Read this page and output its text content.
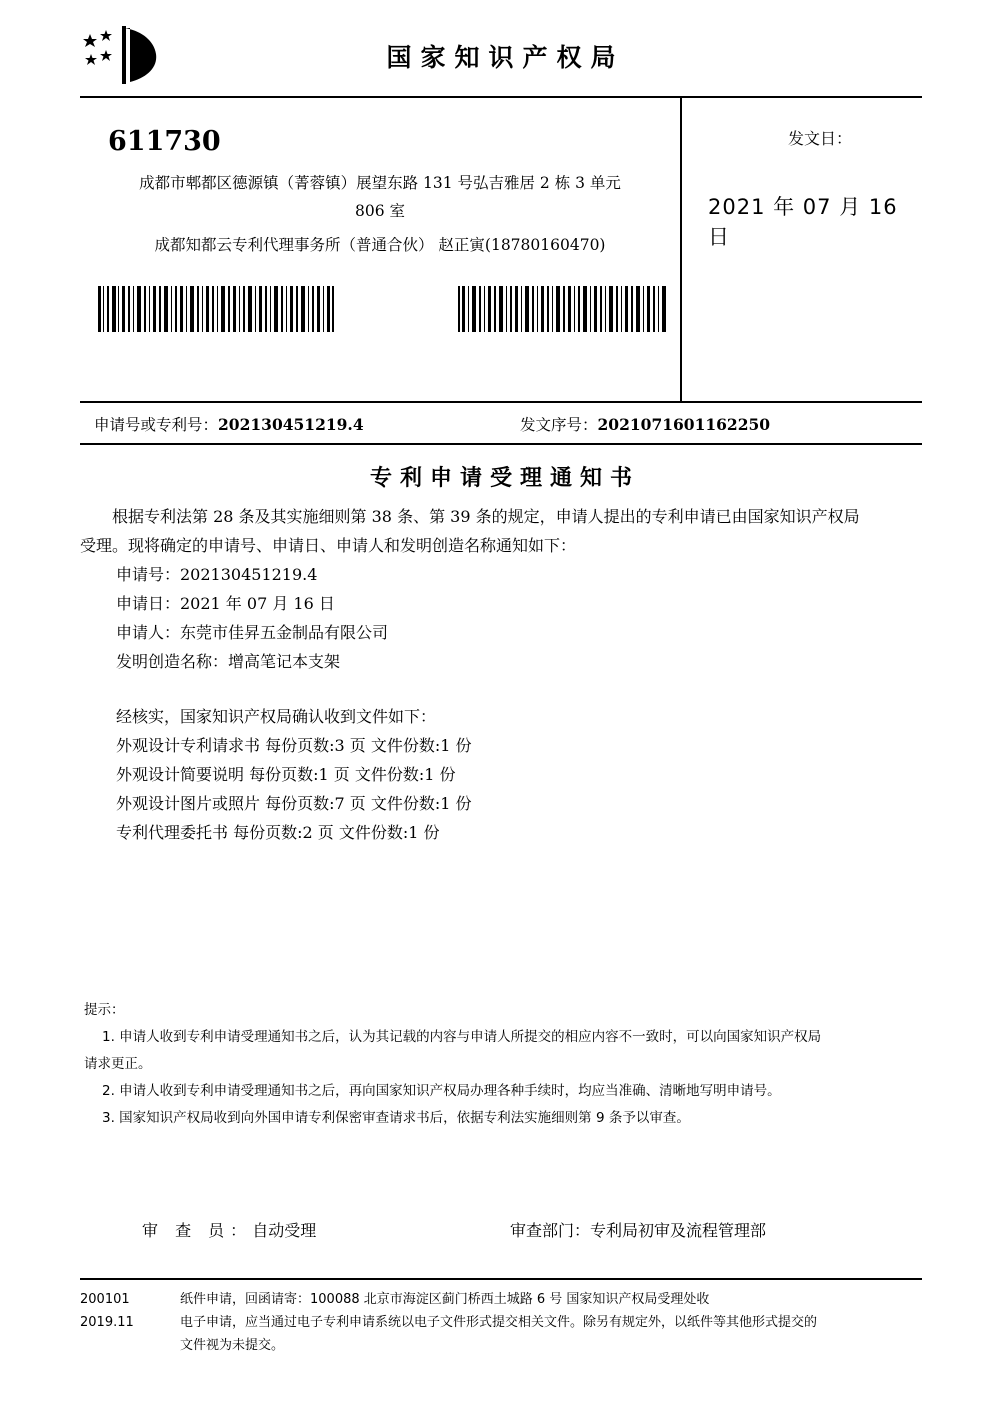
国家知识产权局
611730
成都市郫都区德源镇（菁蓉镇）展望东路 131 号弘吉雅居 2 栋 3 单元
806 室
成都知都云专利代理事务所（普通合伙） 赵正寅(18780160470)
发文日：
2021 年 07 月 16 日
申请号或专利号：202130451219.4	发文序号：2021071601162250
专利申请受理通知书
根据专利法第 28 条及其实施细则第 38 条、第 39 条的规定，申请人提出的专利申请已由国家知识产权局
受理。现将确定的申请号、申请日、申请人和发明创造名称通知如下：
申请号：202130451219.4
申请日：2021 年 07 月 16 日
申请人：东莞市佳昇五金制品有限公司
发明创造名称：增高笔记本支架
经核实，国家知识产权局确认收到文件如下：
外观设计专利请求书 每份页数:3 页 文件份数:1 份
外观设计简要说明 每份页数:1 页 文件份数:1 份
外观设计图片或照片 每份页数:7 页 文件份数:1 份
专利代理委托书 每份页数:2 页 文件份数:1 份
提示：
1. 申请人收到专利申请受理通知书之后，认为其记载的内容与申请人所提交的相应内容不一致时，可以向国家知识产权局
请求更正。
2. 申请人收到专利申请受理通知书之后，再向国家知识产权局办理各种手续时，均应当准确、清晰地写明申请号。
3. 国家知识产权局收到向外国申请专利保密审查请求书后，依据专利法实施细则第 9 条予以审查。
审 查 员：自动受理	审查部门：专利局初审及流程管理部
200101
2019.11
纸件申请，回函请寄：100088 北京市海淀区蓟门桥西土城路 6 号 国家知识产权局受理处收
电子申请，应当通过电子专利申请系统以电子文件形式提交相关文件。除另有规定外，以纸件等其他形式提交的
文件视为未提交。
